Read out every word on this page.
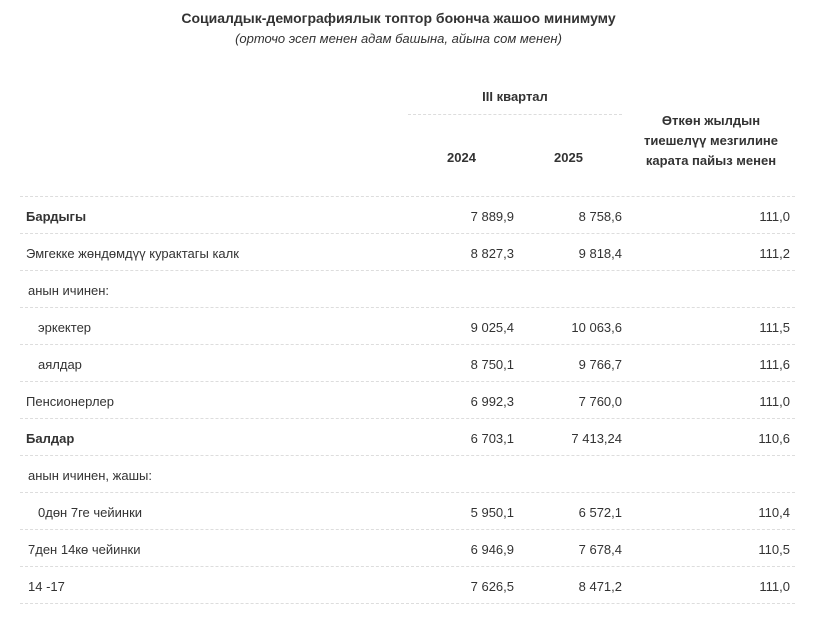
Социалдык-демографиялык топтор боюнча жашоо минимуму
(орточо эсеп менен адам башына, айына сом менен)
III квартал
2024	2025
Өткөн жылдын
тиешелүү мезгилине
карата пайыз менен
Бардыгы	7 889,9	8 758,6	111,0
Эмгекке жөндөмдүү курактагы калк	8 827,3	9 818,4	111,2
анын ичинен:
эркектер	9 025,4	10 063,6	111,5
аялдар	8 750,1	9 766,7	111,6
Пенсионерлер	6 992,3	7 760,0	111,0
Балдар	6 703,1	7 413,24	110,6
анын ичинен, жашы:
0дөн 7ге чейинки	5 950,1	6 572,1	110,4
7ден 14кө чейинки	6 946,9	7 678,4	110,5
14 -17	7 626,5	8 471,2	111,0
